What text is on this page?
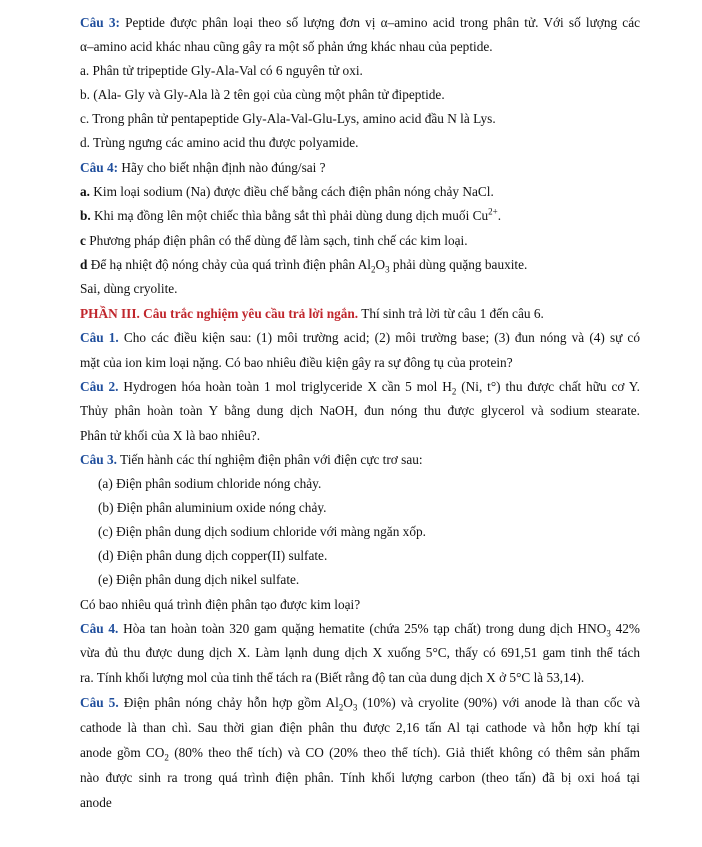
Câu 3: Peptide được phân loại theo số lượng đơn vị α–amino acid trong phân tử. Với số lượng các
α–amino acid khác nhau cũng gây ra một số phản ứng khác nhau của peptide.
a. Phân tử tripeptide Gly-Ala-Val có 6 nguyên tử oxi.
b. (Ala- Gly và Gly-Ala là 2 tên gọi của cùng một phân tử đipeptide.
c. Trong phân tử pentapeptide Gly-Ala-Val-Glu-Lys, amino acid đầu N là Lys.
d. Trùng ngưng các amino acid thu được polyamide.
Câu 4: Hãy cho biết nhận định nào đúng/sai ?
a. Kim loại sodium (Na) được điều chế bằng cách điện phân nóng chảy NaCl.
b. Khi mạ đồng lên một chiếc thìa bằng sắt thì phải dùng dung dịch muối $Cu^{2+}$.
c Phương pháp điện phân có thể dùng để làm sạch, tinh chế các kim loại.
d Để hạ nhiệt độ nóng chảy của quá trình điện phân $Al_2O_3$ phải dùng quặng bauxite.
Sai, dùng cryolite.
PHẦN III. Câu trắc nghiệm yêu cầu trả lời ngắn. Thí sinh trả lời từ câu 1 đến câu 6.
Câu 1. Cho các điều kiện sau: (1) môi trường acid; (2) môi trường base; (3) đun nóng và (4) sự có
mặt của ion kim loại nặng. Có bao nhiêu điều kiện gây ra sự đông tụ của protein?
Câu 2. Hydrogen hóa hoàn toàn 1 mol triglyceride X cần 5 mol $H_2$ (Ni, t°) thu được chất hữu cơ Y.
Thủy phân hoàn toàn Y bằng dung dịch NaOH, đun nóng thu được glycerol và sodium stearate.
Phân tử khối của X là bao nhiêu?.
Câu 3. Tiến hành các thí nghiệm điện phân với điện cực trơ sau:
(a) Điện phân sodium chloride nóng chảy.
(b) Điện phân aluminium oxide nóng chảy.
(c) Điện phân dung dịch sodium chloride với màng ngăn xốp.
(d) Điện phân dung dịch copper(II) sulfate.
(e) Điện phân dung dịch nikel sulfate.
Có bao nhiêu quá trình điện phân tạo được kim loại?
Câu 4. Hòa tan hoàn toàn 320 gam quặng hematite (chứa 25% tạp chất) trong dung dịch $HNO_3$ 42%
vừa đủ thu được dung dịch X. Làm lạnh dung dịch X xuống 5°C, thấy có 691,51 gam tinh thể tách
ra. Tính khối lượng mol của tinh thể tách ra (Biết rằng độ tan của dung dịch X ở 5°C là 53,14).
Câu 5. Điện phân nóng chảy hỗn hợp gồm $Al_2O_3$ (10%) và cryolite (90%) với anode là than cốc và
cathode là than chì. Sau thời gian điện phân thu được 2,16 tấn Al tại cathode và hỗn hợp khí tại
anode gồm $CO_2$ (80% theo thể tích) và CO (20% theo thể tích). Giả thiết không có thêm sản phẩm
nào được sinh ra trong quá trình điện phân. Tính khối lượng carbon (theo tấn) đã bị oxi hoá tại
anode
